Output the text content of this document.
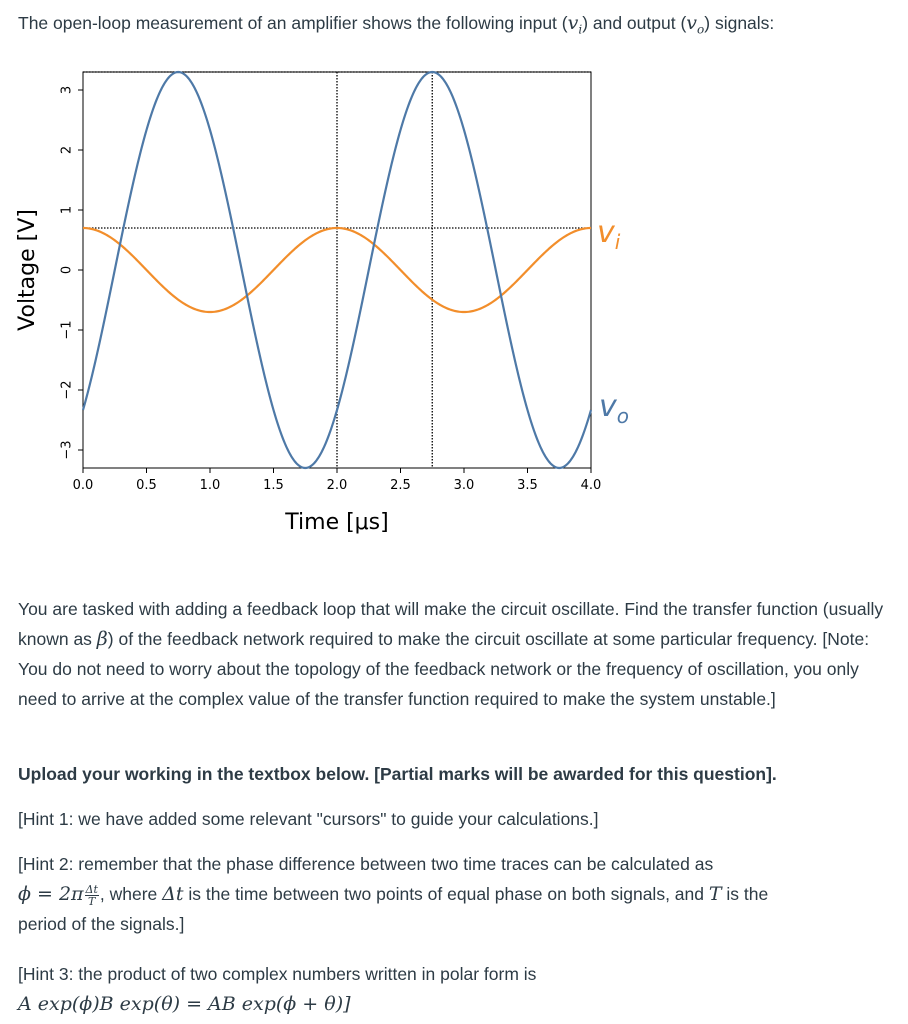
The open-loop measurement of an amplifier shows the following input $(v_i)$ and output $(v_o)$ signals:
0.0	0.5	1.0	1.5	2.0	2.5	3.0	3.5	4.0
3
2
1
0
−1
−2
−3
Time [μs]
Voltage [V]	$v_i$
$v_o$
You are tasked with adding a feedback loop that will make the circuit oscillate. Find the transfer function (usually known as β) of the feedback network required to make the circuit oscillate at some particular frequency. [Note: You do not need to worry about the topology of the feedback network or the frequency of oscillation, you only need to arrive at the complex value of the transfer function required to make the system unstable.]
Upload your working in the textbox below. [Partial marks will be awarded for this question].
[Hint 1: we have added some relevant "cursors" to guide your calculations.]
[Hint 2: remember that the phase difference between two time traces can be calculated as
$\phi = 2\pi \frac{\Delta t}{T}$ , where Δt is the time between two points of equal phase on both signals, and T is the
period of the signals.]
[Hint 3: the product of two complex numbers written in polar form is
A exp(ϕ)B exp(θ) = AB exp(ϕ + θ)]
